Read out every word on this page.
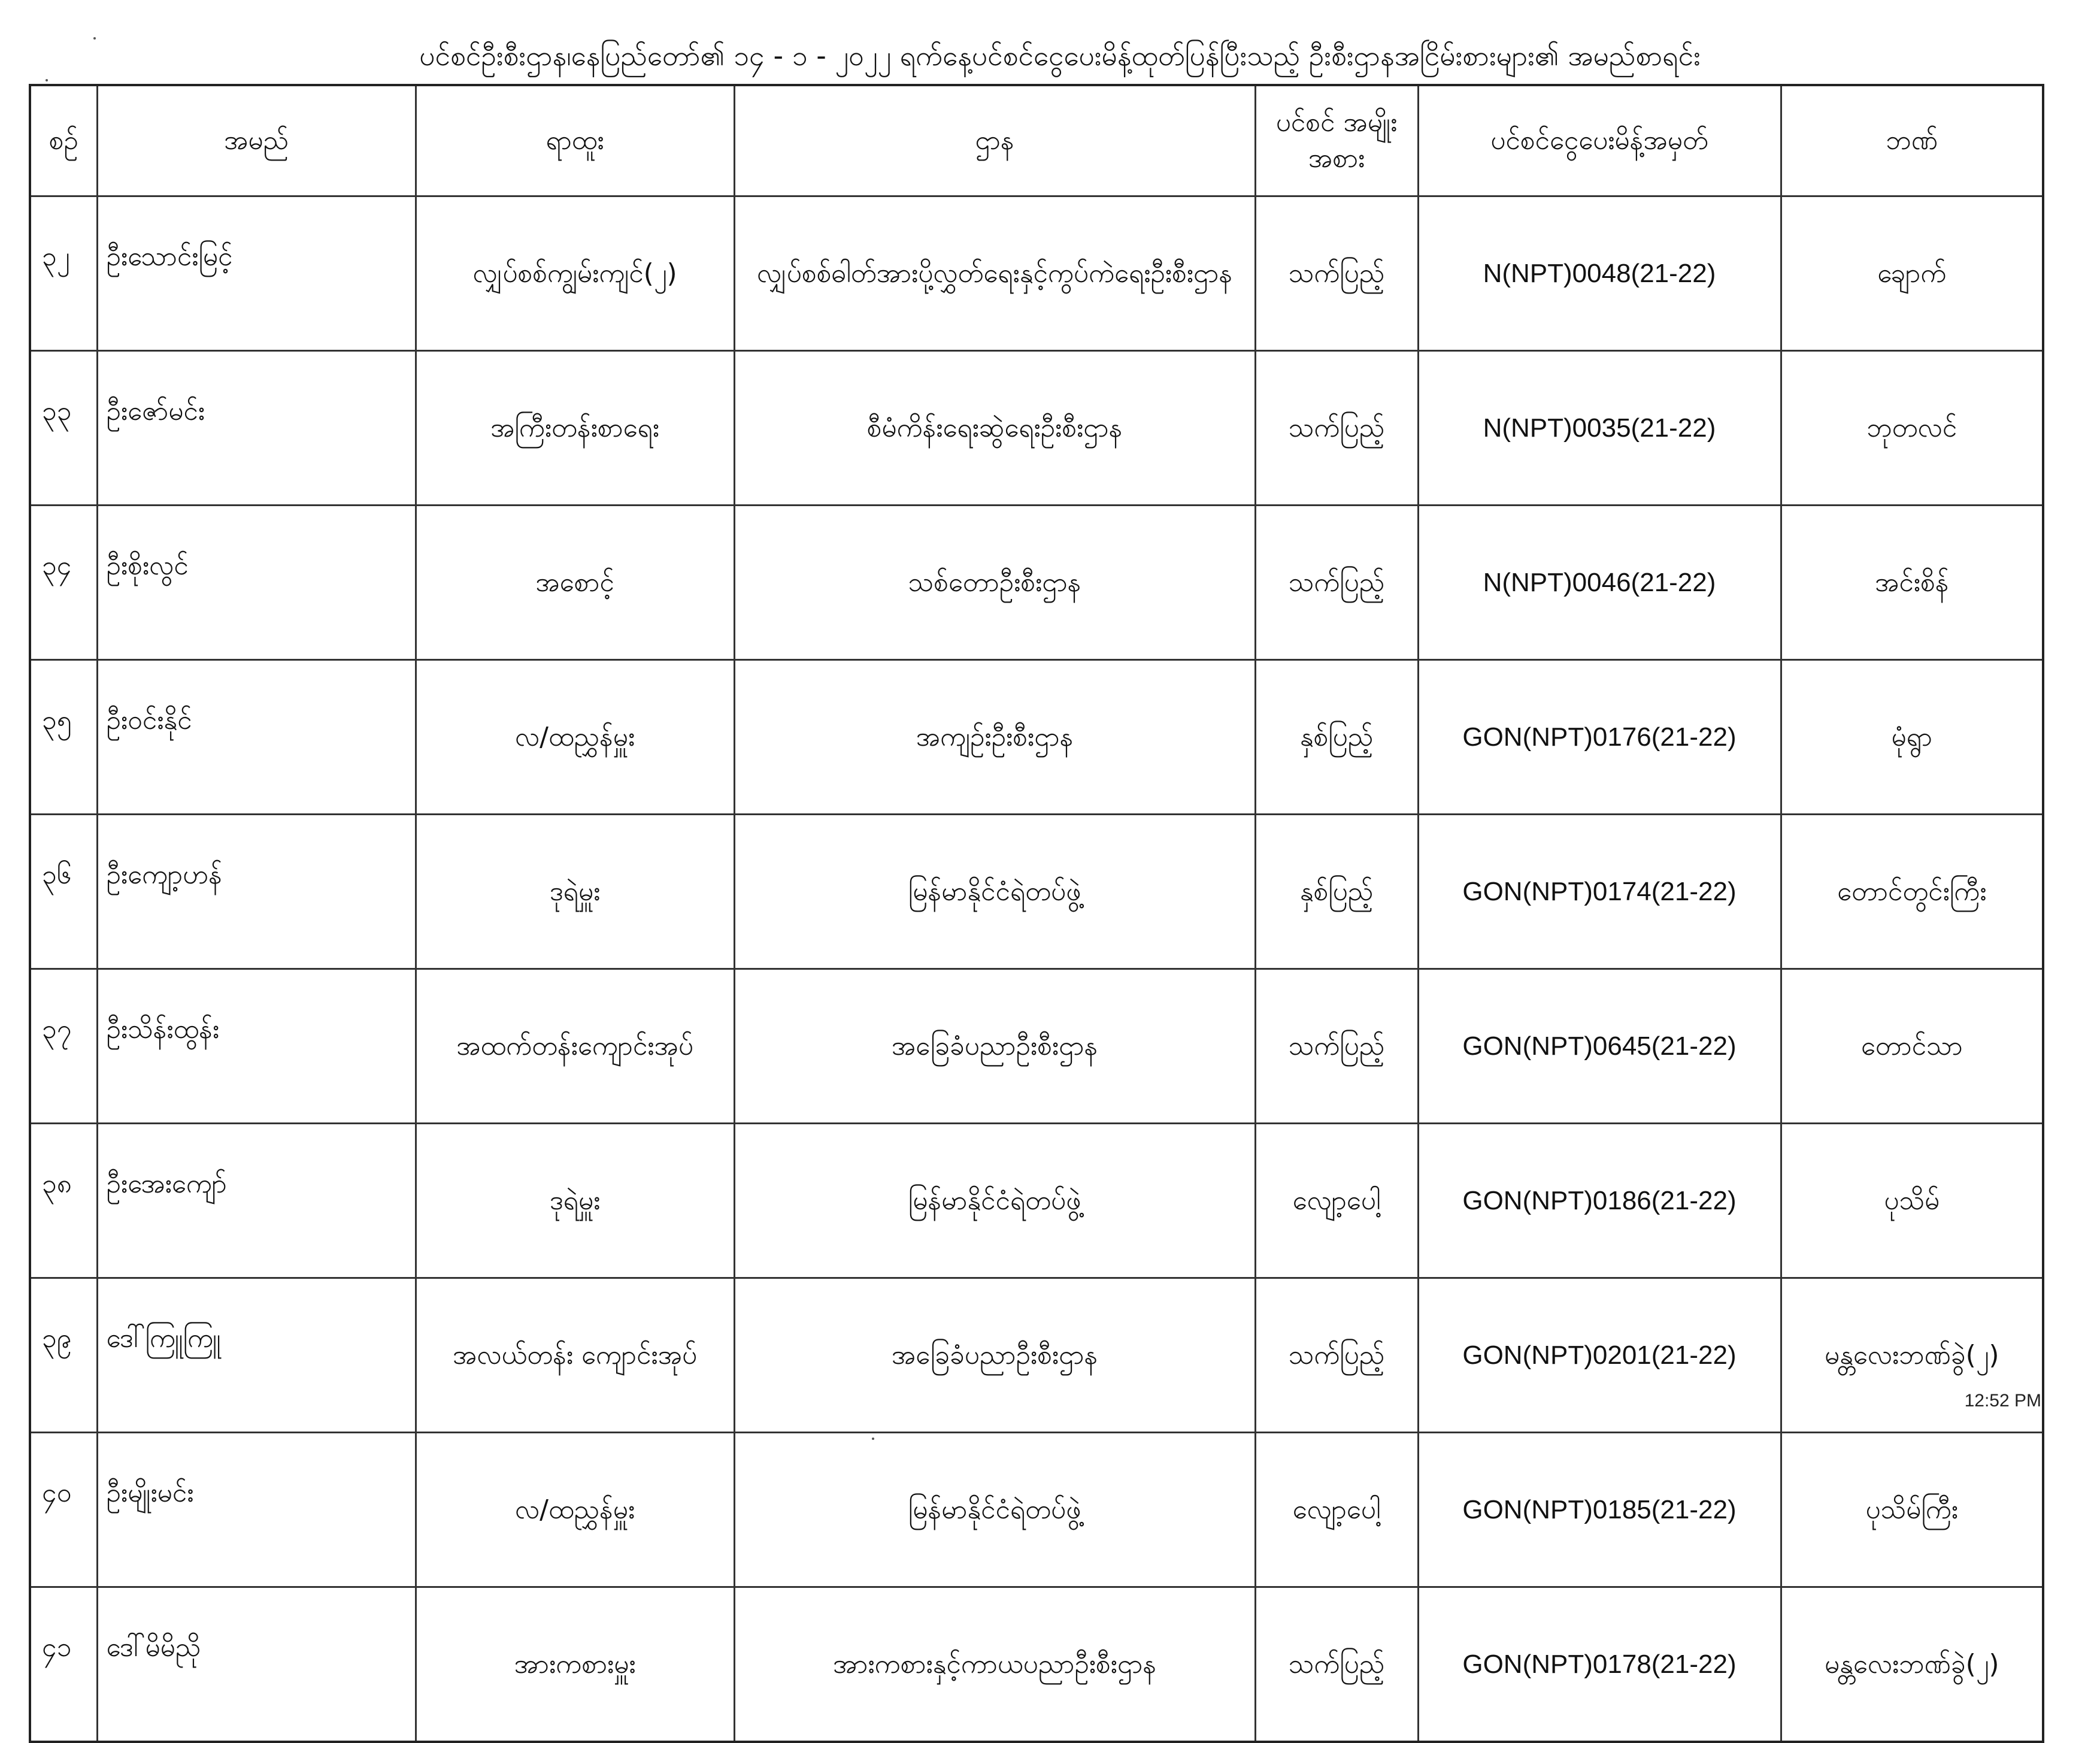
ပင်စင်ဦးစီးဌာန၊နေပြည်တော်၏ ၁၄ - ၁ - ၂၀၂၂ ရက်နေ့ပင်စင်ငွေပေးမိန့်ထုတ်ပြန်ပြီးသည့် ဦးစီးဌာနအငြိမ်းစားများ၏ အမည်စာရင်း
စဉ်	အမည်	ရာထူး	ဌာန	ပင်စင် အမျိုးအစား	ပင်စင်ငွေပေးမိန့်အမှတ်	ဘဏ်
၃၂	ဦးသောင်းမြင့်	လျှပ်စစ်ကျွမ်းကျင်(၂)	လျှပ်စစ်ဓါတ်အားပို့လွှတ်ရေးနှင့်ကွပ်ကဲရေးဦးစီးဌာန	သက်ပြည့်	N(NPT)0048(21-22)	ချောက်
၃၃	ဦးဇော်မင်း	အကြီးတန်းစာရေး	စီမံကိန်းရေးဆွဲရေးဦးစီးဌာန	သက်ပြည့်	N(NPT)0035(21-22)	ဘုတလင်
၃၄	ဦးစိုးလွင်	အစောင့်	သစ်တောဦးစီးဌာန	သက်ပြည့်	N(NPT)0046(21-22)	အင်းစိန်
၃၅	ဦးဝင်းနိုင်	လ/ထညွှန်မှူး	အကျဉ်းဦးစီးဌာန	နှစ်ပြည့်	GON(NPT)0176(21-22)	မုံရွာ
၃၆	ဦးကျော့ဟန်	ဒုရဲမှူး	မြန်မာနိုင်ငံရဲတပ်ဖွဲ့	နှစ်ပြည့်	GON(NPT)0174(21-22)	တောင်တွင်းကြီး
၃၇	ဦးသိန်းထွန်း	အထက်တန်းကျောင်းအုပ်	အခြေခံပညာဦးစီးဌာန	သက်ပြည့်	GON(NPT)0645(21-22)	တောင်သာ
၃၈	ဦးအေးကျော်	ဒုရဲမှူး	မြန်မာနိုင်ငံရဲတပ်ဖွဲ့	လျော့ပေါ့	GON(NPT)0186(21-22)	ပုသိမ်
၃၉	ဒေါ်ကြူကြူ	အလယ်တန်း ကျောင်းအုပ်	အခြေခံပညာဦးစီးဌာန	သက်ပြည့်	GON(NPT)0201(21-22)	မန္တလေးဘဏ်ခွဲ(၂)
၄၀	ဦးမျိုးမင်း	လ/ထညွှန်မှူး	မြန်မာနိုင်ငံရဲတပ်ဖွဲ့	လျော့ပေါ့	GON(NPT)0185(21-22)	ပုသိမ်ကြီး
၄၁	ဒေါ်မိမိညို	အားကစားမှူး	အားကစားနှင့်ကာယပညာဦးစီးဌာန	သက်ပြည့်	GON(NPT)0178(21-22)	မန္တလေးဘဏ်ခွဲ(၂)
12:52 PM
